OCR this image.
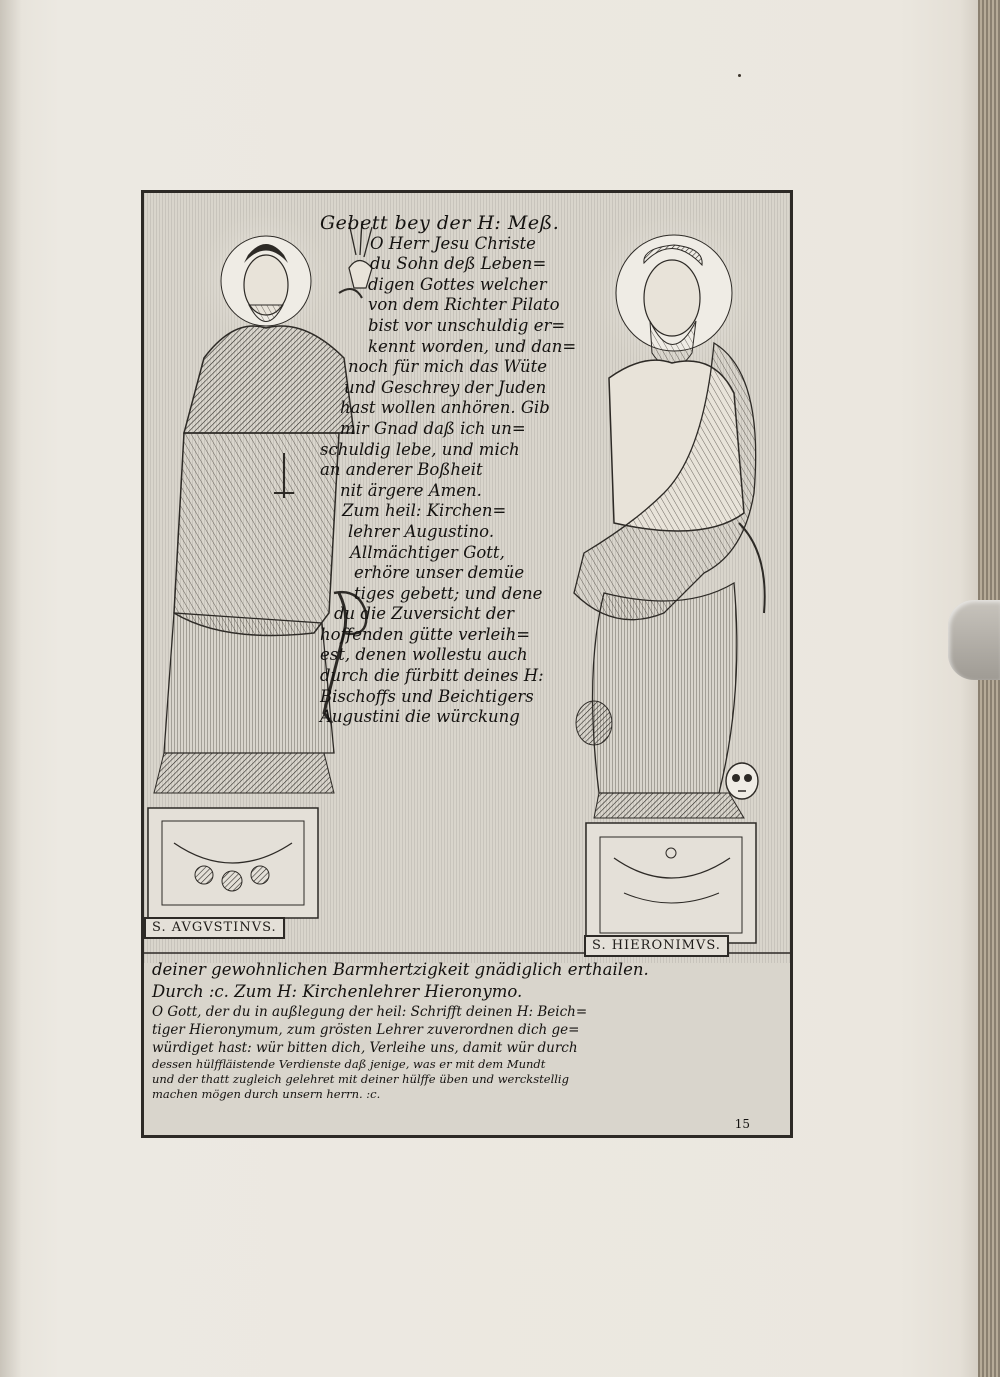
Gebett bey der H: Meß.
O Herr Jesu Christe
du Sohn deß Leben=
digen Gottes welcher
von dem Richter Pilato
bist vor unschuldig er=
kennt worden, und dan=
noch für mich das Wüte
und Geschrey der Juden
hast wollen anhören. Gib
mir Gnad daß ich un=
schuldig lebe, und mich
an anderer Boßheit
nit ärgere Amen.
Zum heil: Kirchen=
lehrer Augustino.
Allmächtiger Gott,
erhöre unser demüe
tiges gebett; und dene
du die Zuversicht der
hoffenden gütte verleih=
est, denen wollestu auch
durch die fürbitt deines H:
Bischoffs und Beichtigers
Augustini die würckung
S. AVGVSTINVS.
S. HIERONIMVS.
deiner gewohnlichen Barmhertzigkeit gnädiglich erthailen.
Durch :c. Zum H: Kirchenlehrer Hieronymo.
O Gott, der du in außlegung der heil: Schrifft deinen H: Beich=
tiger Hieronymum, zum grösten Lehrer zuverordnen dich ge=
würdiget hast: wür bitten dich, Verleihe uns, damit wür durch
dessen hülffläistende Verdienste daß jenige, was er mit dem Mundt
und der thatt zugleich gelehret mit deiner hülffe üben und werckstellig
machen mögen durch unsern herrn. :c.
15
